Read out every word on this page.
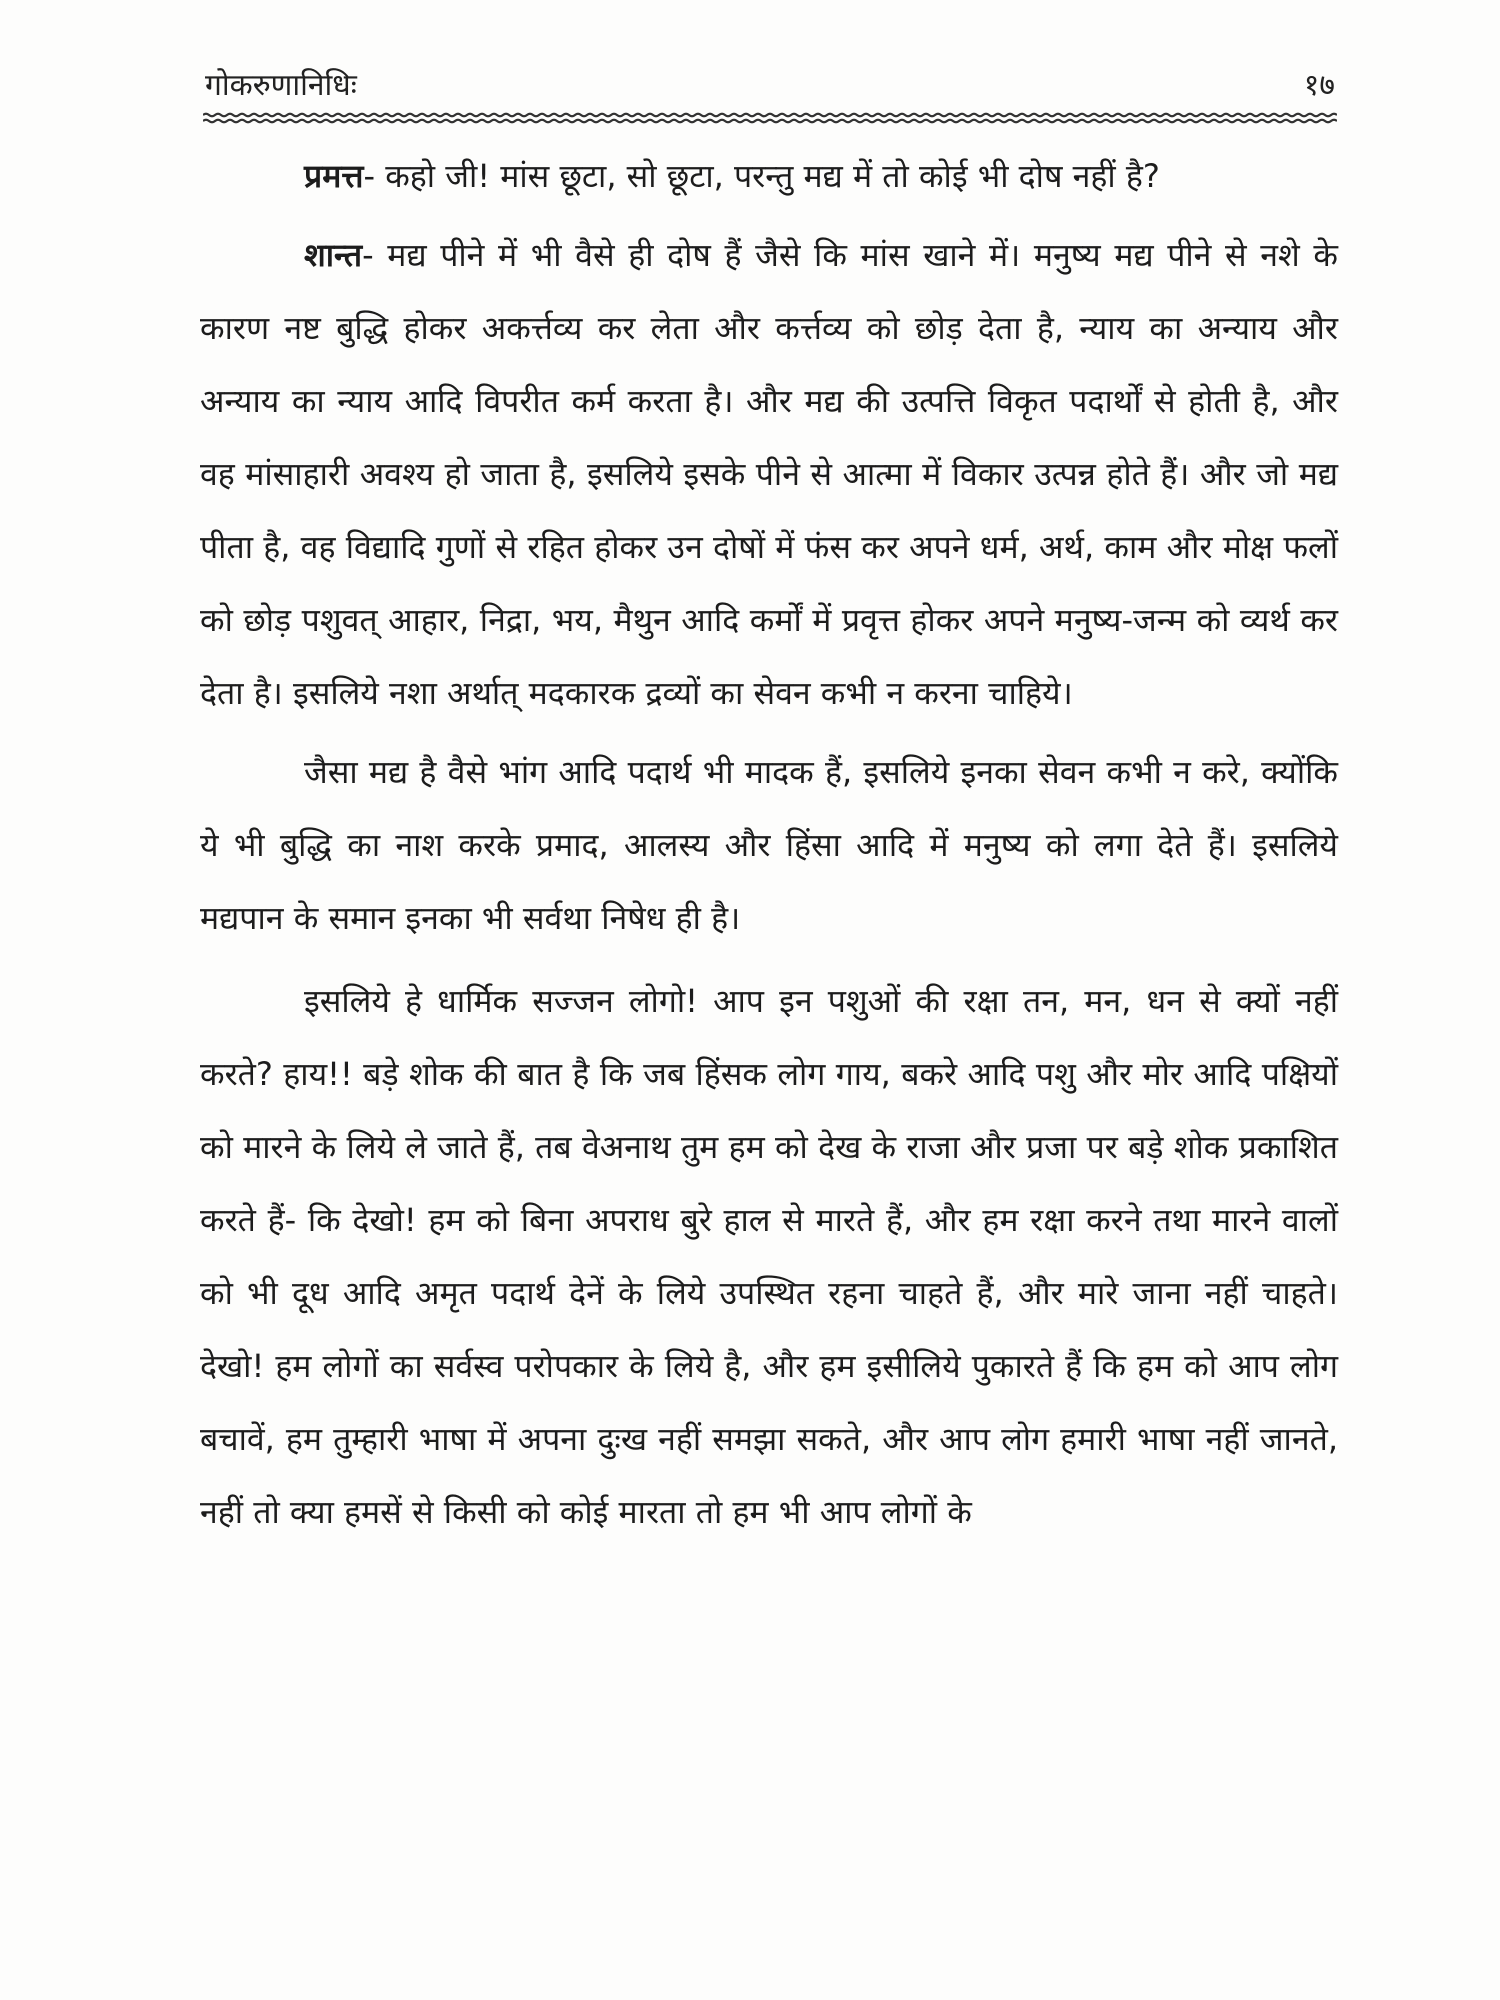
गोकरुणानिधिः	१७

प्रमत्त- कहो जी! मांस छूटा, सो छूटा, परन्तु मद्य में तो कोई भी दोष नहीं है?

शान्त- मद्य पीने में भी वैसे ही दोष हैं जैसे कि मांस खाने में। मनुष्य मद्य पीने से नशे के कारण नष्ट बुद्धि होकर अकर्त्तव्य कर लेता और कर्त्तव्य को छोड़ देता है, न्याय का अन्याय और अन्याय का न्याय आदि विपरीत कर्म करता है। और मद्य की उत्पत्ति विकृत पदार्थों से होती है, और वह मांसाहारी अवश्य हो जाता है, इसलिये इसके पीने से आत्मा में विकार उत्पन्न होते हैं। और जो मद्य पीता है, वह विद्यादि गुणों से रहित होकर उन दोषों में फंस कर अपने धर्म, अर्थ, काम और मोक्ष फलों को छोड़ पशुवत् आहार, निद्रा, भय, मैथुन आदि कर्मों में प्रवृत्त होकर अपने मनुष्य-जन्म को व्यर्थ कर देता है। इसलिये नशा अर्थात् मदकारक द्रव्यों का सेवन कभी न करना चाहिये।

जैसा मद्य है वैसे भांग आदि पदार्थ भी मादक हैं, इसलिये इनका सेवन कभी न करे, क्योंकि ये भी बुद्धि का नाश करके प्रमाद, आलस्य और हिंसा आदि में मनुष्य को लगा देते हैं। इसलिये मद्यपान के समान इनका भी सर्वथा निषेध ही है।

इसलिये हे धार्मिक सज्जन लोगो! आप इन पशुओं की रक्षा तन, मन, धन से क्यों नहीं करते? हाय!! बड़े शोक की बात है कि जब हिंसक लोग गाय, बकरे आदि पशु और मोर आदि पक्षियों को मारने के लिये ले जाते हैं, तब वेअनाथ तुम हम को देख के राजा और प्रजा पर बड़े शोक प्रकाशित करते हैं- कि देखो! हम को बिना अपराध बुरे हाल से मारते हैं, और हम रक्षा करने तथा मारने वालों को भी दूध आदि अमृत पदार्थ देनें के लिये उपस्थित रहना चाहते हैं, और मारे जाना नहीं चाहते। देखो! हम लोगों का सर्वस्व परोपकार के लिये है, और हम इसीलिये पुकारते हैं कि हम को आप लोग बचावें, हम तुम्हारी भाषा में अपना दुःख नहीं समझा सकते, और आप लोग हमारी भाषा नहीं जानते, नहीं तो क्या हमसें से किसी को कोई मारता तो हम भी आप लोगों के
